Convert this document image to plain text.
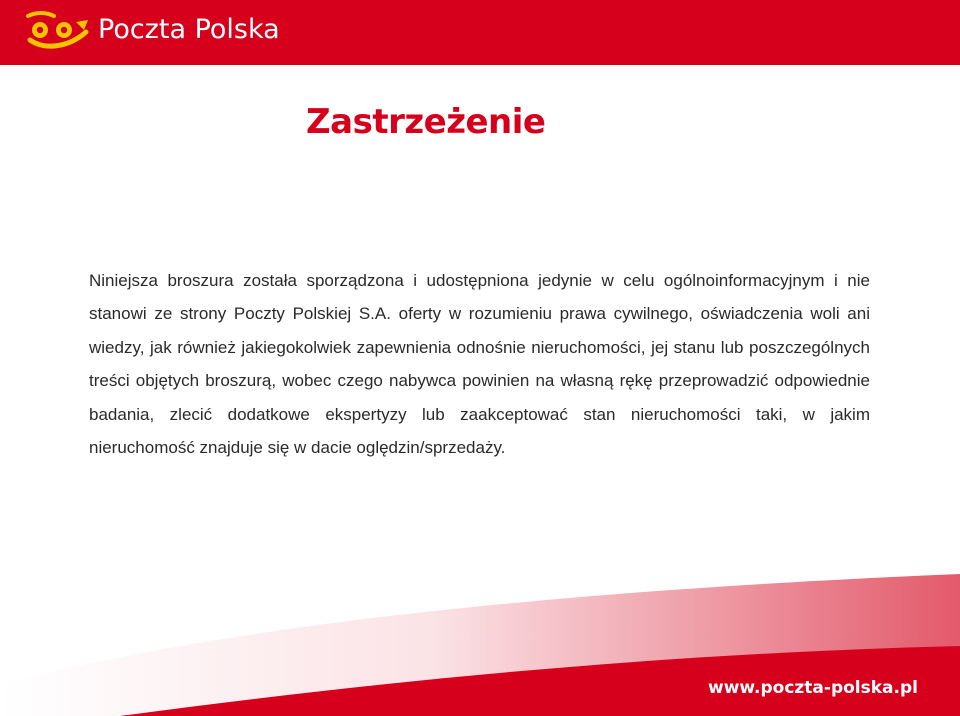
Poczta Polska
Zastrzeżenie

Niniejsza broszura została sporządzona i udostępniona jedynie w celu ogólnoinformacyjnym i nie stanowi ze strony Poczty Polskiej S.A. oferty w rozumieniu prawa cywilnego, oświadczenia woli ani wiedzy, jak również jakiegokolwiek zapewnienia odnośnie nieruchomości, jej stanu lub poszczególnych treści objętych broszurą, wobec czego nabywca powinien na własną rękę przeprowadzić odpowiednie badania, zlecić dodatkowe ekspertyzy lub zaakceptować stan nieruchomości taki, w jakim nieruchomość znajduje się w dacie oględzin/sprzedaży.

www.poczta-polska.pl
